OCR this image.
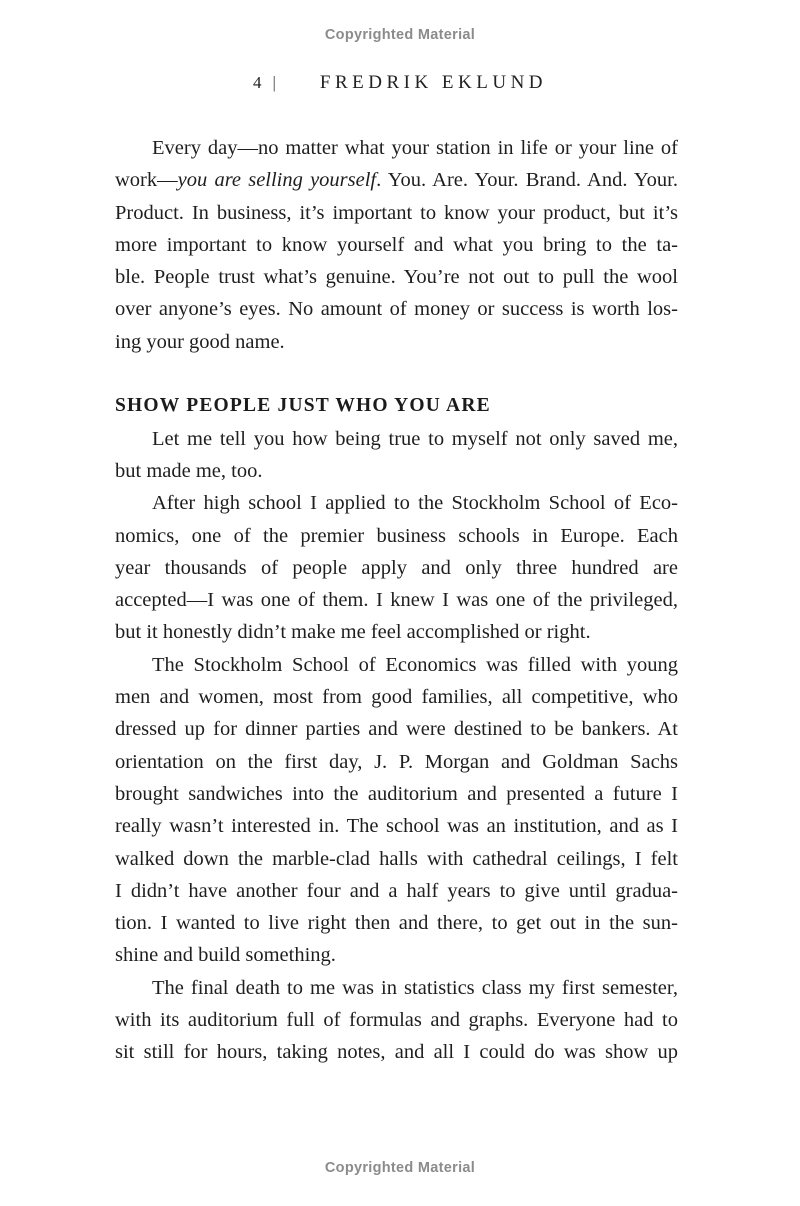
Copyrighted Material
4 | FREDRIK EKLUND
Every day—no matter what your station in life or your line of
work—you are selling yourself. You. Are. Your. Brand. And. Your.
Product. In business, it’s important to know your product, but it’s
more important to know yourself and what you bring to the ta-
ble. People trust what’s genuine. You’re not out to pull the wool
over anyone’s eyes. No amount of money or success is worth los-
ing your good name.
SHOW PEOPLE JUST WHO YOU ARE
Let me tell you how being true to myself not only saved me,
but made me, too.
After high school I applied to the Stockholm School of Eco-
nomics, one of the premier business schools in Europe. Each
year thousands of people apply and only three hundred are
accepted—I was one of them. I knew I was one of the privileged,
but it honestly didn’t make me feel accomplished or right.
The Stockholm School of Economics was filled with young
men and women, most from good families, all competitive, who
dressed up for dinner parties and were destined to be bankers. At
orientation on the first day, J. P. Morgan and Goldman Sachs
brought sandwiches into the auditorium and presented a future I
really wasn’t interested in. The school was an institution, and as I
walked down the marble-clad halls with cathedral ceilings, I felt
I didn’t have another four and a half years to give until gradua-
tion. I wanted to live right then and there, to get out in the sun-
shine and build something.
The final death to me was in statistics class my first semester,
with its auditorium full of formulas and graphs. Everyone had to
sit still for hours, taking notes, and all I could do was show up
Copyrighted Material
